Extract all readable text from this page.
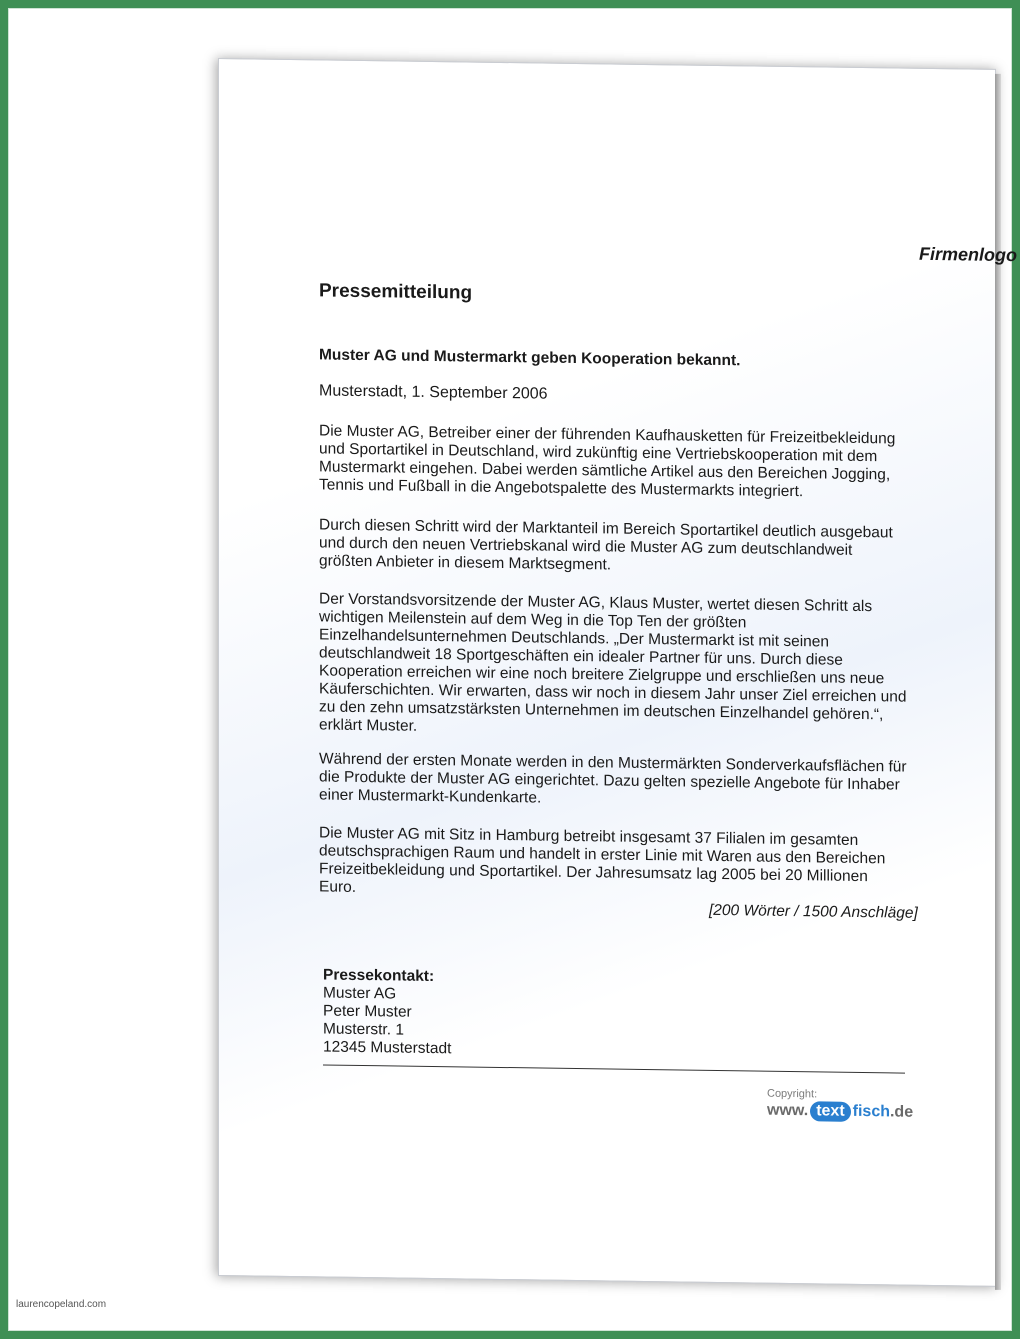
Firmenlogo
Pressemitteilung
Muster AG und Mustermarkt geben Kooperation bekannt.
Musterstadt, 1. September 2006
Die Muster AG, Betreiber einer der führenden Kaufhausketten für Freizeitbekleidung und Sportartikel in Deutschland, wird zukünftig eine Vertriebskooperation mit dem Mustermarkt eingehen. Dabei werden sämtliche Artikel aus den Bereichen Jogging, Tennis und Fußball in die Angebotspalette des Mustermarkts integriert.
Durch diesen Schritt wird der Marktanteil im Bereich Sportartikel deutlich ausgebaut und durch den neuen Vertriebskanal wird die Muster AG zum deutschlandweit größten Anbieter in diesem Marktsegment.
Der Vorstandsvorsitzende der Muster AG, Klaus Muster, wertet diesen Schritt als wichtigen Meilenstein auf dem Weg in die Top Ten der größten Einzelhandelsunternehmen Deutschlands. „Der Mustermarkt ist mit seinen deutschlandweit 18 Sportgeschäften ein idealer Partner für uns. Durch diese Kooperation erreichen wir eine noch breitere Zielgruppe und erschließen uns neue Käuferschichten. Wir erwarten, dass wir noch in diesem Jahr unser Ziel erreichen und zu den zehn umsatzstärksten Unternehmen im deutschen Einzelhandel gehören.“, erklärt Muster.
Während der ersten Monate werden in den Mustermärkten Sonderverkaufsflächen für die Produkte der Muster AG eingerichtet. Dazu gelten spezielle Angebote für Inhaber einer Mustermarkt-Kundenkarte.
Die Muster AG mit Sitz in Hamburg betreibt insgesamt 37 Filialen im gesamten deutschsprachigen Raum und handelt in erster Linie mit Waren aus den Bereichen Freizeitbekleidung und Sportartikel. Der Jahresumsatz lag 2005 bei 20 Millionen Euro.
[200 Wörter / 1500 Anschläge]
Pressekontakt:
Muster AG
Peter Muster
Musterstr. 1
12345 Musterstadt
Copyright:
www. text fisch .de
laurencopeland.com
